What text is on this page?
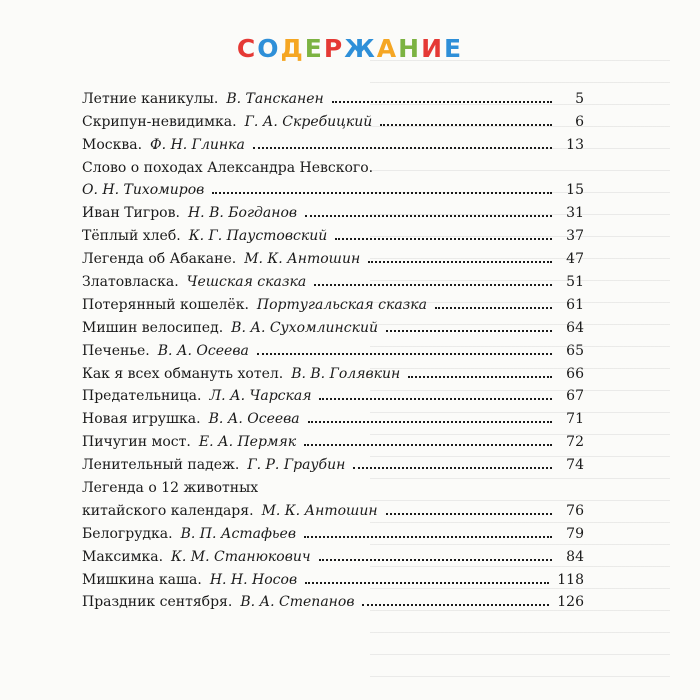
СОДЕРЖАНИЕ
Летние каникулы. В. Тансканен	5
Скрипун-невидимка. Г. А. Скребицкий	6
Москва. Ф. Н. Глинка	13
Слово о походах Александра Невского.
О. Н. Тихомиров	15
Иван Тигров. Н. В. Богданов	31
Тёплый хлеб. К. Г. Паустовский	37
Легенда об Абакане. М. К. Антошин	47
Златовласка. Чешская сказка	51
Потерянный кошелёк. Португальская сказка	61
Мишин велосипед. В. А. Сухомлинский	64
Печенье. В. А. Осеева	65
Как я всех обмануть хотел. В. В. Голявкин	66
Предательница. Л. А. Чарская	67
Новая игрушка. В. А. Осеева	71
Пичугин мост. Е. А. Пермяк	72
Ленительный падеж. Г. Р. Граубин	74
Легенда о 12 животных
китайского календаря. М. К. Антошин	76
Белогрудка. В. П. Астафьев	79
Максимка. К. М. Станюкович	84
Мишкина каша. Н. Н. Носов	118
Праздник сентября. В. А. Степанов	126
